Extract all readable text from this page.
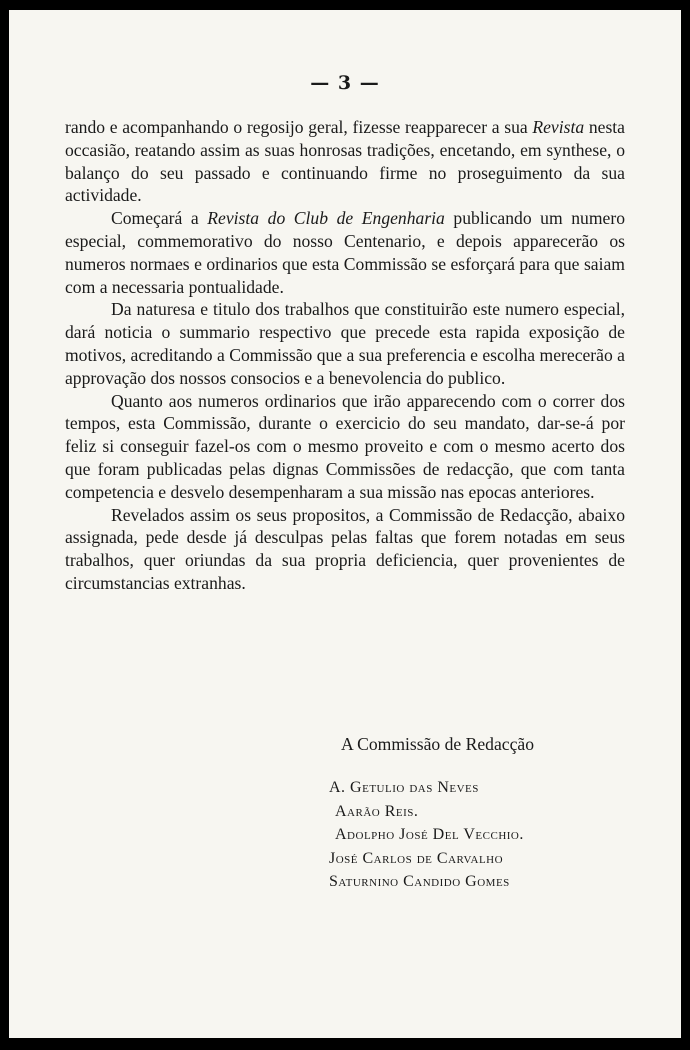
— 3 —

rando e acompanhando o regosijo geral, fizesse reapparecer a sua Revista nesta occasião, reatando assim as suas honrosas tradições, encetando, em synthese, o balanço do seu passado e continuando firme no proseguimento da sua actividade.

Começará a Revista do Club de Engenharia publicando um numero especial, commemorativo do nosso Centenario, e depois apparecerão os numeros normaes e ordinarios que esta Commissão se esforçará para que saiam com a necessaria pontualidade.

Da naturesa e titulo dos trabalhos que constituirão este numero especial, dará noticia o summario respectivo que precede esta rapida exposição de motivos, acreditando a Commissão que a sua preferencia e escolha merecerão a approvação dos nossos consocios e a benevolencia do publico.

Quanto aos numeros ordinarios que irão apparecendo com o correr dos tempos, esta Commissão, durante o exercicio do seu mandato, dar-se-á por feliz si conseguir fazel-os com o mesmo proveito e com o mesmo acerto dos que foram publicadas pelas dignas Commissões de redacção, que com tanta competencia e desvelo desempenharam a sua missão nas epocas anteriores.

Revelados assim os seus propositos, a Commissão de Redacção, abaixo assignada, pede desde já desculpas pelas faltas que forem notadas em seus trabalhos, quer oriundas da sua propria deficiencia, quer provenientes de circumstancias extranhas.

A Commissão de Redacção
A. Getulio das Neves
Aarão Reis.
Adolpho José Del Vecchio.
José Carlos de Carvalho
Saturnino Candido Gomes
